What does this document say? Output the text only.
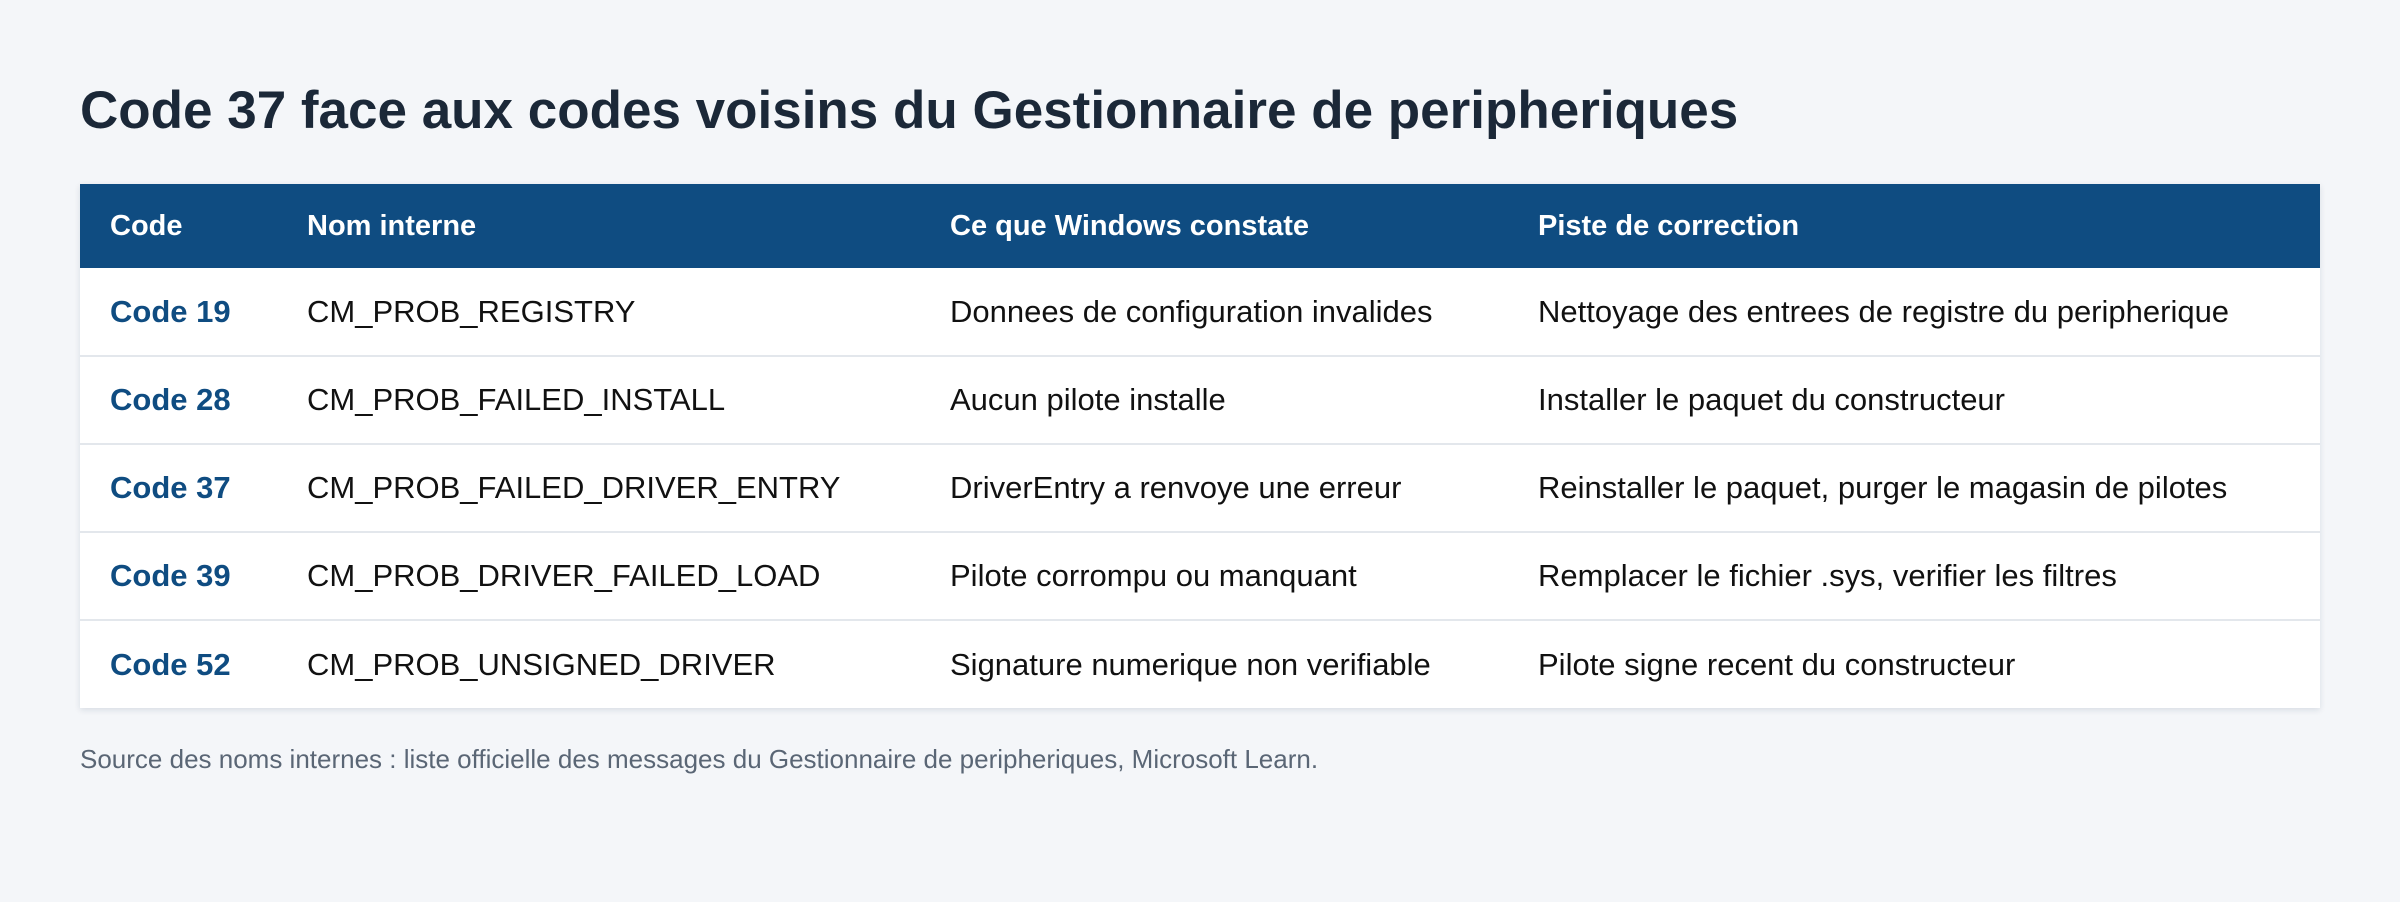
Code 37 face aux codes voisins du Gestionnaire de peripheriques
Code	Nom interne	Ce que Windows constate	Piste de correction
Code 19	CM_PROB_REGISTRY	Donnees de configuration invalides	Nettoyage des entrees de registre du peripherique
Code 28	CM_PROB_FAILED_INSTALL	Aucun pilote installe	Installer le paquet du constructeur
Code 37	CM_PROB_FAILED_DRIVER_ENTRY	DriverEntry a renvoye une erreur	Reinstaller le paquet, purger le magasin de pilotes
Code 39	CM_PROB_DRIVER_FAILED_LOAD	Pilote corrompu ou manquant	Remplacer le fichier .sys, verifier les filtres
Code 52	CM_PROB_UNSIGNED_DRIVER	Signature numerique non verifiable	Pilote signe recent du constructeur
Source des noms internes : liste officielle des messages du Gestionnaire de peripheriques, Microsoft Learn.
